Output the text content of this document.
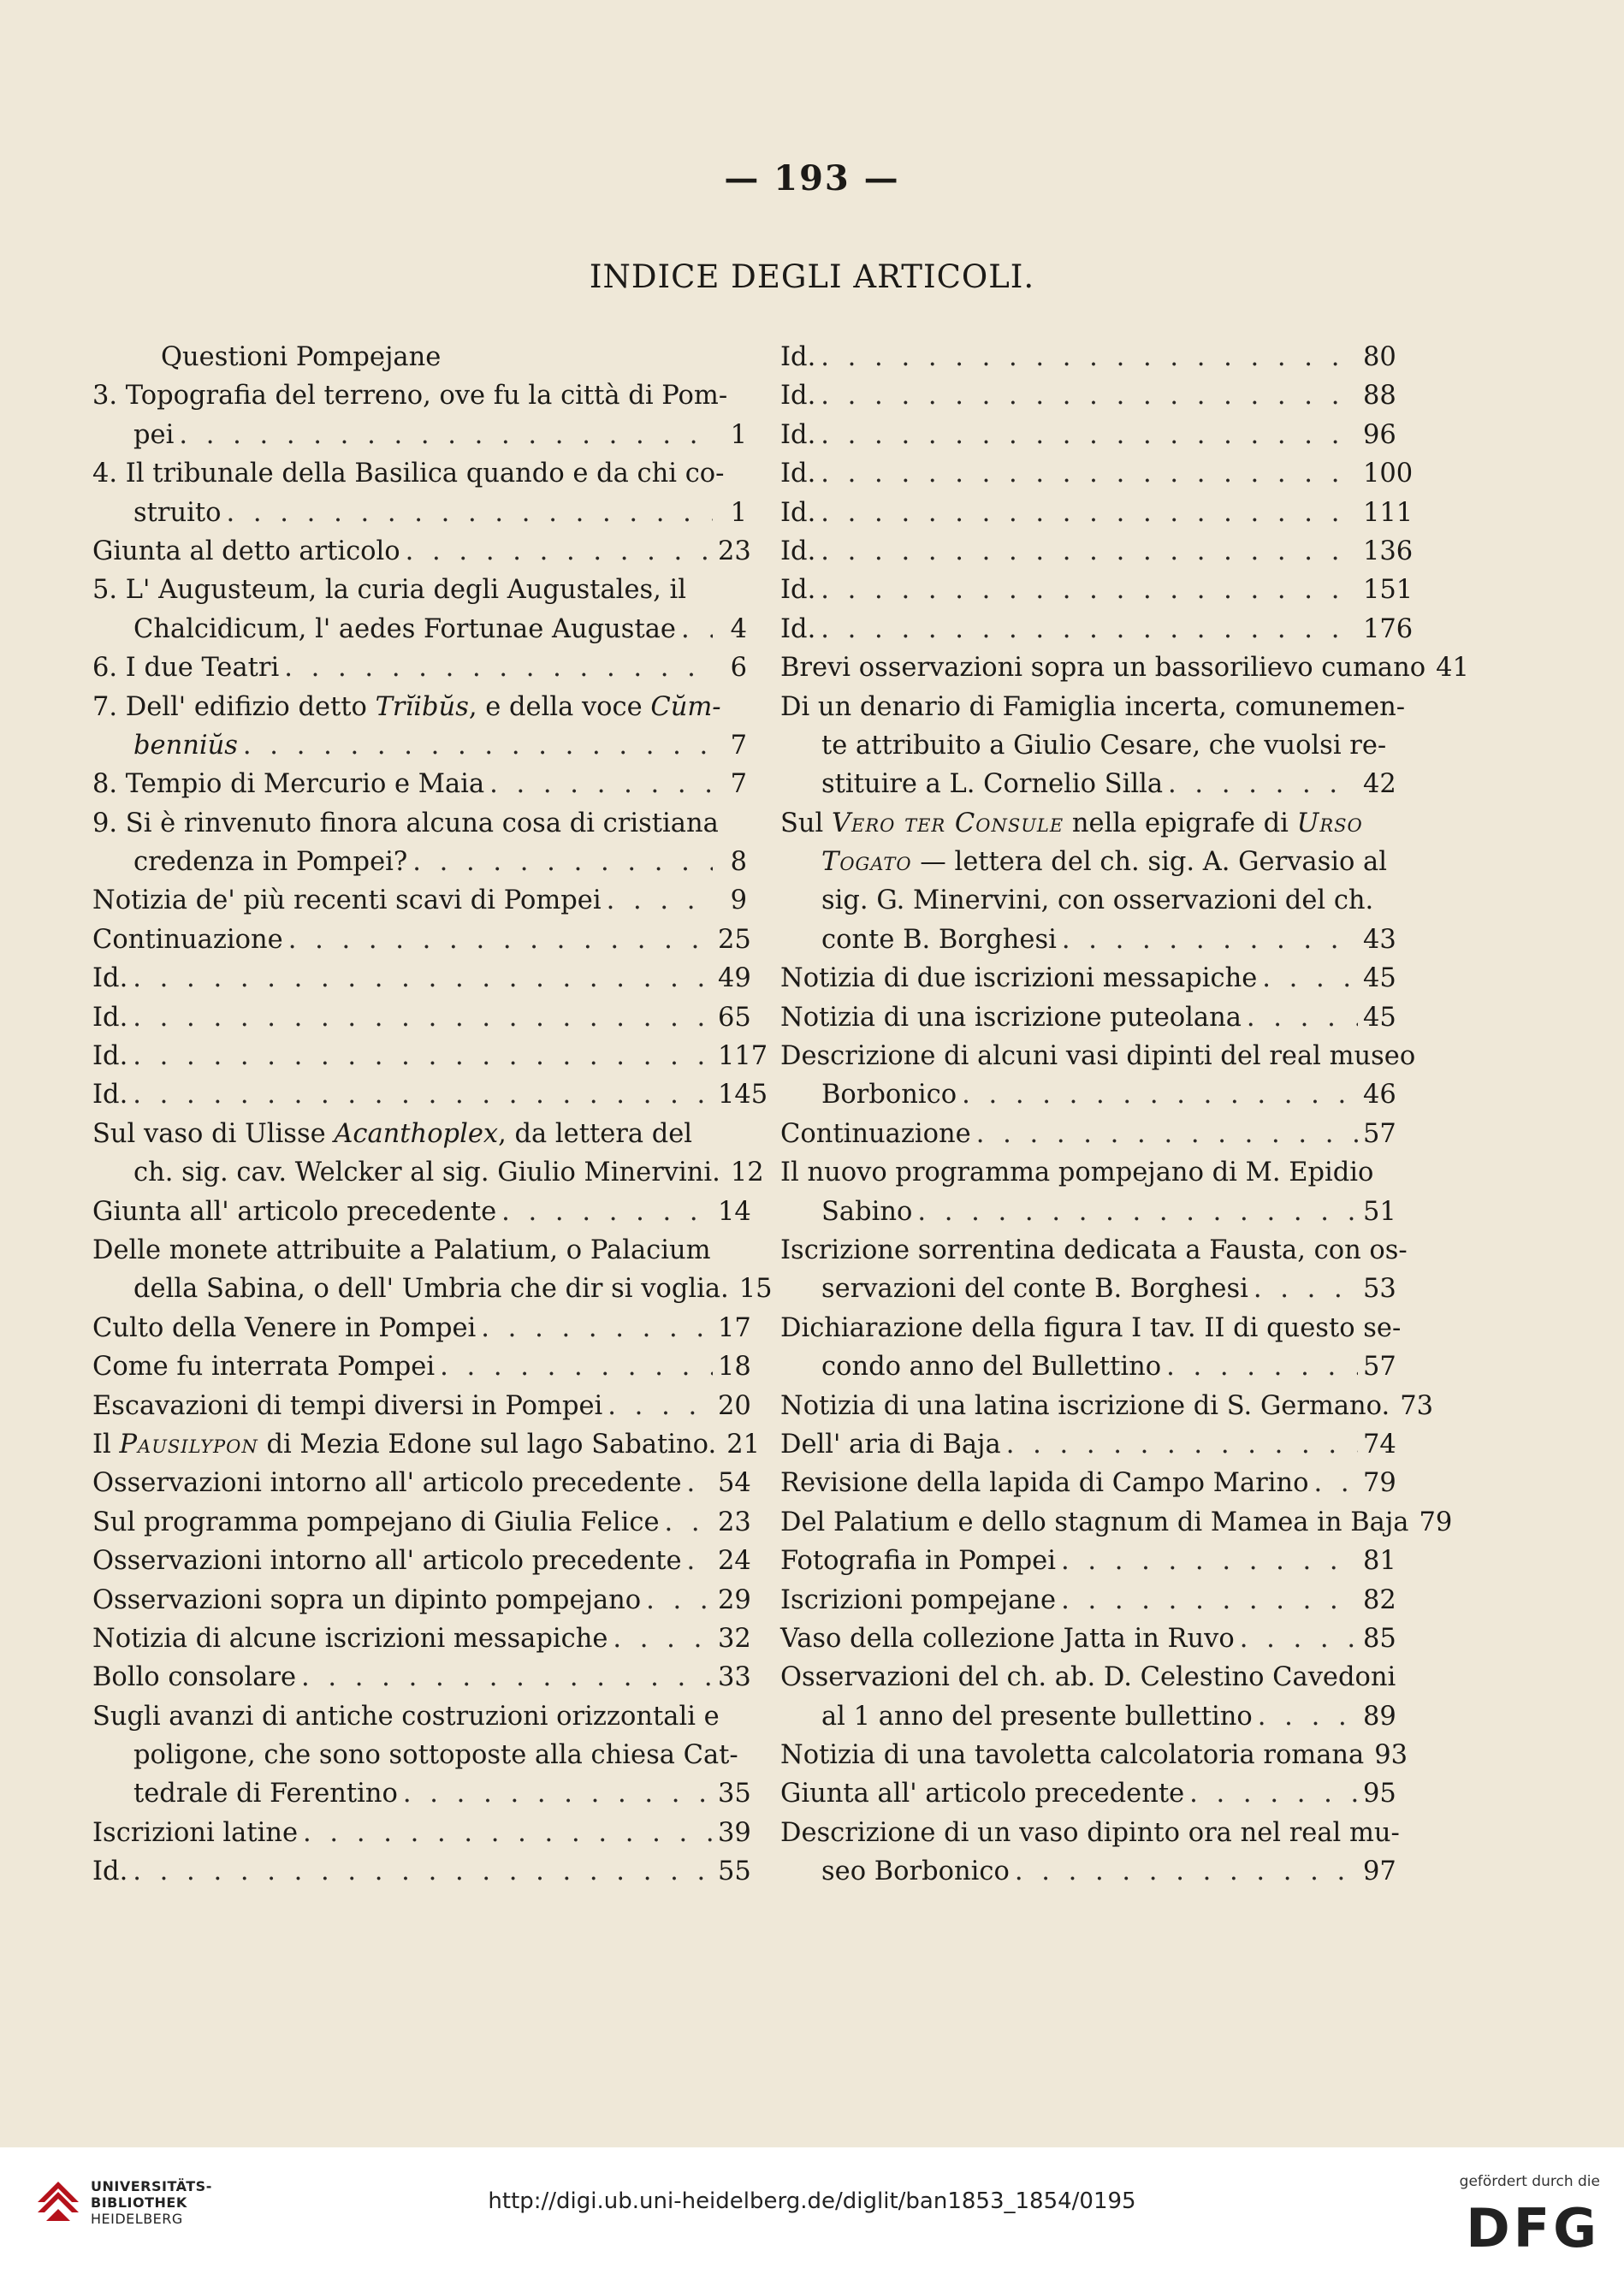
— 193 —
INDICE DEGLI ARTICOLI.
Questioni Pompejane
3. Topografia del terreno, ove fu la città di Pom-
pei . . .	1
4. Il tribunale della Basilica quando e da chi co-
struito . . .	1
Giunta al detto articolo . . .	23
5. L' Augusteum, la curia degli Augustales, il
Chalcidicum, l' aedes Fortunae Augustae . . .	4
6. I due Teatri . . .	6
7. Dell' edifizio detto Trĭibŭs, e della voce Cŭm-
benniŭs . . .	7
8. Tempio di Mercurio e Maia . . .	7
9. Si è rinvenuto finora alcuna cosa di cristiana
credenza in Pompei? . . .	8
Notizia de' più recenti scavi di Pompei . . .	9
Continuazione . . .	25
Id. . . .	49
Id. . . .	65
Id. . . .	117
Id. . . .	145
Sul vaso di Ulisse Acanthoplex, da lettera del
ch. sig. cav. Welcker al sig. Giulio Minervini. 12
Giunta all' articolo precedente . . .	14
Delle monete attribuite a Palatium, o Palacium
della Sabina, o dell' Umbria che dir si voglia. 15
Culto della Venere in Pompei . . .	17
Come fu interrata Pompei . . .	18
Escavazioni di tempi diversi in Pompei . . .	20
Il Pausilypon di Mezia Edone sul lago Sabatino. 21
Osservazioni intorno all' articolo precedente . . . 54
Sul programma pompejano di Giulia Felice . . . 23
Osservazioni intorno all' articolo precedente . . . 24
Osservazioni sopra un dipinto pompejano . . .	29
Notizia di alcune iscrizioni messapiche . . .	32
Bollo consolare . . .	33
Sugli avanzi di antiche costruzioni orizzontali e
poligone, che sono sottoposte alla chiesa Cat-
tedrale di Ferentino . . .	35
Iscrizioni latine . . .	39
Id. . . .	55
Id. . . .	80
Id. . . .	88
Id. . . .	96
Id. . . .	100
Id. . . .	111
Id. . . .	136
Id. . . .	151
Id. . . .	176
Brevi osservazioni sopra un bassorilievo cumano 41
Di un denario di Famiglia incerta, comunemen-
te attribuito a Giulio Cesare, che vuolsi re-
stituire a L. Cornelio Silla . . .	42
Sul Vero ter Consule nella epigrafe di Urso
Togato — lettera del ch. sig. A. Gervasio al
sig. G. Minervini, con osservazioni del ch.
conte B. Borghesi . . .	43
Notizia di due iscrizioni messapiche . . .	45
Notizia di una iscrizione puteolana . . .	45
Descrizione di alcuni vasi dipinti del real museo
Borbonico . . .	46
Continuazione . . .	57
Il nuovo programma pompejano di M. Epidio
Sabino . . .	51
Iscrizione sorrentina dedicata a Fausta, con os-
servazioni del conte B. Borghesi . . .	53
Dichiarazione della figura I tav. II di questo se-
condo anno del Bullettino . . .	57
Notizia di una latina iscrizione di S. Germano. 73
Dell' aria di Baja . . .	74
Revisione della lapida di Campo Marino . . . 79
Del Palatium e dello stagnum di Mamea in Baja 79
Fotografia in Pompei . . .	81
Iscrizioni pompejane . . .	82
Vaso della collezione Jatta in Ruvo . . .	85
Osservazioni del ch. ab. D. Celestino Cavedoni
al 1 anno del presente bullettino . . .	89
Notizia di una tavoletta calcolatoria romana 93
Giunta all' articolo precedente . . .	95
Descrizione di un vaso dipinto ora nel real mu-
seo Borbonico . . .	97
UNIVERSITÄTS-
BIBLIOTHEK
HEIDELBERG
http://digi.ub.uni-heidelberg.de/diglit/ban1853_1854/0195
gefördert durch die
DFG
